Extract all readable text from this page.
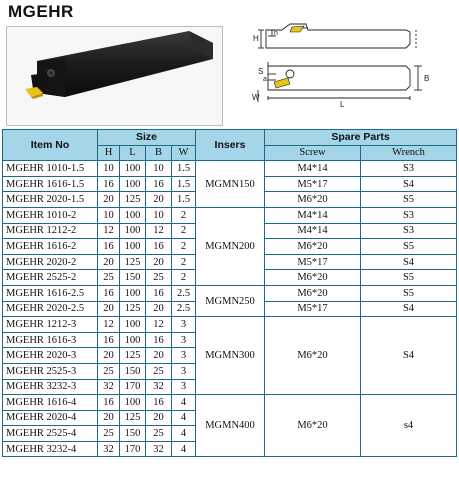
MGEHR
H
h
S
a
W
L
B
Item No	Size				Insers	Spare Parts	
	H	L	B	W		Screw	Wrench
MGEHR 1010-1.5	10	100	10	1.5	MGMN150	M4*14	S3
MGEHR 1616-1.5	16	100	16	1.5		M5*17	S4
MGEHR 2020-1.5	20	125	20	1.5		M6*20	S5
MGEHR 1010-2	10	100	10	2	MGMN200	M4*14	S3
MGEHR 1212-2	12	100	12	2		M4*14	S3
MGEHR 1616-2	16	100	16	2		M6*20	S5
MGEHR 2020-2	20	125	20	2		M5*17	S4
MGEHR 2525-2	25	150	25	2		M6*20	S5
MGEHR 1616-2.5	16	100	16	2.5	MGMN250	M6*20	S5
MGEHR 2020-2.5	20	125	20	2.5		M5*17	S4
MGEHR 1212-3	12	100	12	3	MGMN300	M6*20	S4
MGEHR 1616-3	16	100	16	3			
MGEHR 2020-3	20	125	20	3			
MGEHR 2525-3	25	150	25	3			
MGEHR 3232-3	32	170	32	3			
MGEHR 1616-4	16	100	16	4	MGMN400	M6*20	s4
MGEHR 2020-4	20	125	20	4			
MGEHR 2525-4	25	150	25	4			
MGEHR 3232-4	32	170	32	4			
